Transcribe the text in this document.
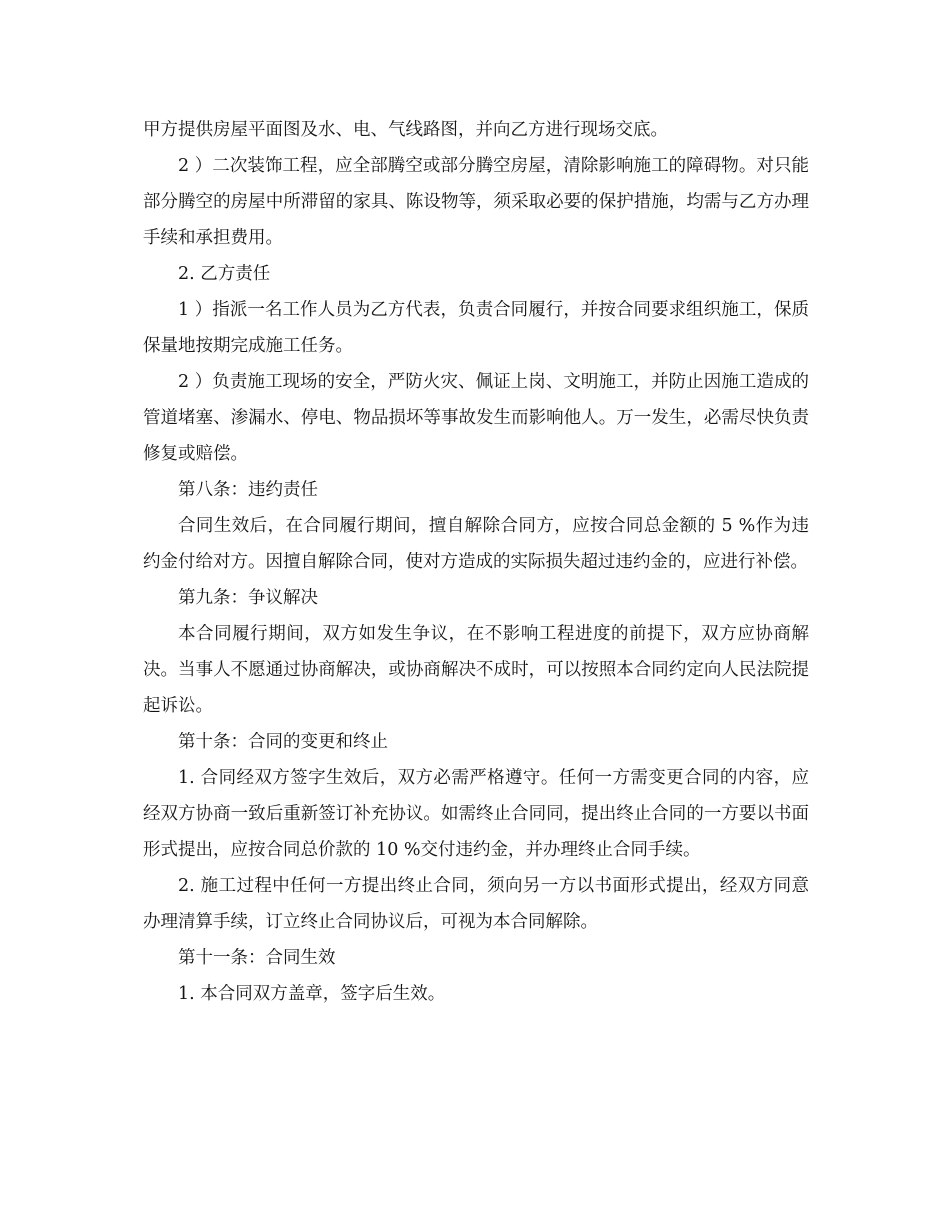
甲方提供房屋平面图及水、电、气线路图，并向乙方进行现场交底。

2 ）二次装饰工程，应全部腾空或部分腾空房屋，清除影响施工的障碍物。对只能部分腾空的房屋中所滞留的家具、陈设物等，须采取必要的保护措施，均需与乙方办理手续和承担费用。

2. 乙方责任

1 ）指派一名工作人员为乙方代表，负责合同履行，并按合同要求组织施工，保质保量地按期完成施工任务。

2 ）负责施工现场的安全，严防火灾、佩证上岗、文明施工，并防止因施工造成的管道堵塞、渗漏水、停电、物品损坏等事故发生而影响他人。万一发生，必需尽快负责修复或赔偿。

第八条：违约责任

合同生效后，在合同履行期间，擅自解除合同方，应按合同总金额的 5 %作为违约金付给对方。因擅自解除合同，使对方造成的实际损失超过违约金的，应进行补偿。

第九条：争议解决

本合同履行期间，双方如发生争议，在不影响工程进度的前提下，双方应协商解决。当事人不愿通过协商解决，或协商解决不成时，可以按照本合同约定向人民法院提起诉讼。

第十条：合同的变更和终止

1. 合同经双方签字生效后，双方必需严格遵守。任何一方需变更合同的内容，应经双方协商一致后重新签订补充协议。如需终止合同同，提出终止合同的一方要以书面形式提出，应按合同总价款的 10 %交付违约金，并办理终止合同手续。

2. 施工过程中任何一方提出终止合同，须向另一方以书面形式提出，经双方同意办理清算手续，订立终止合同协议后，可视为本合同解除。

第十一条：合同生效

1. 本合同双方盖章，签字后生效。
